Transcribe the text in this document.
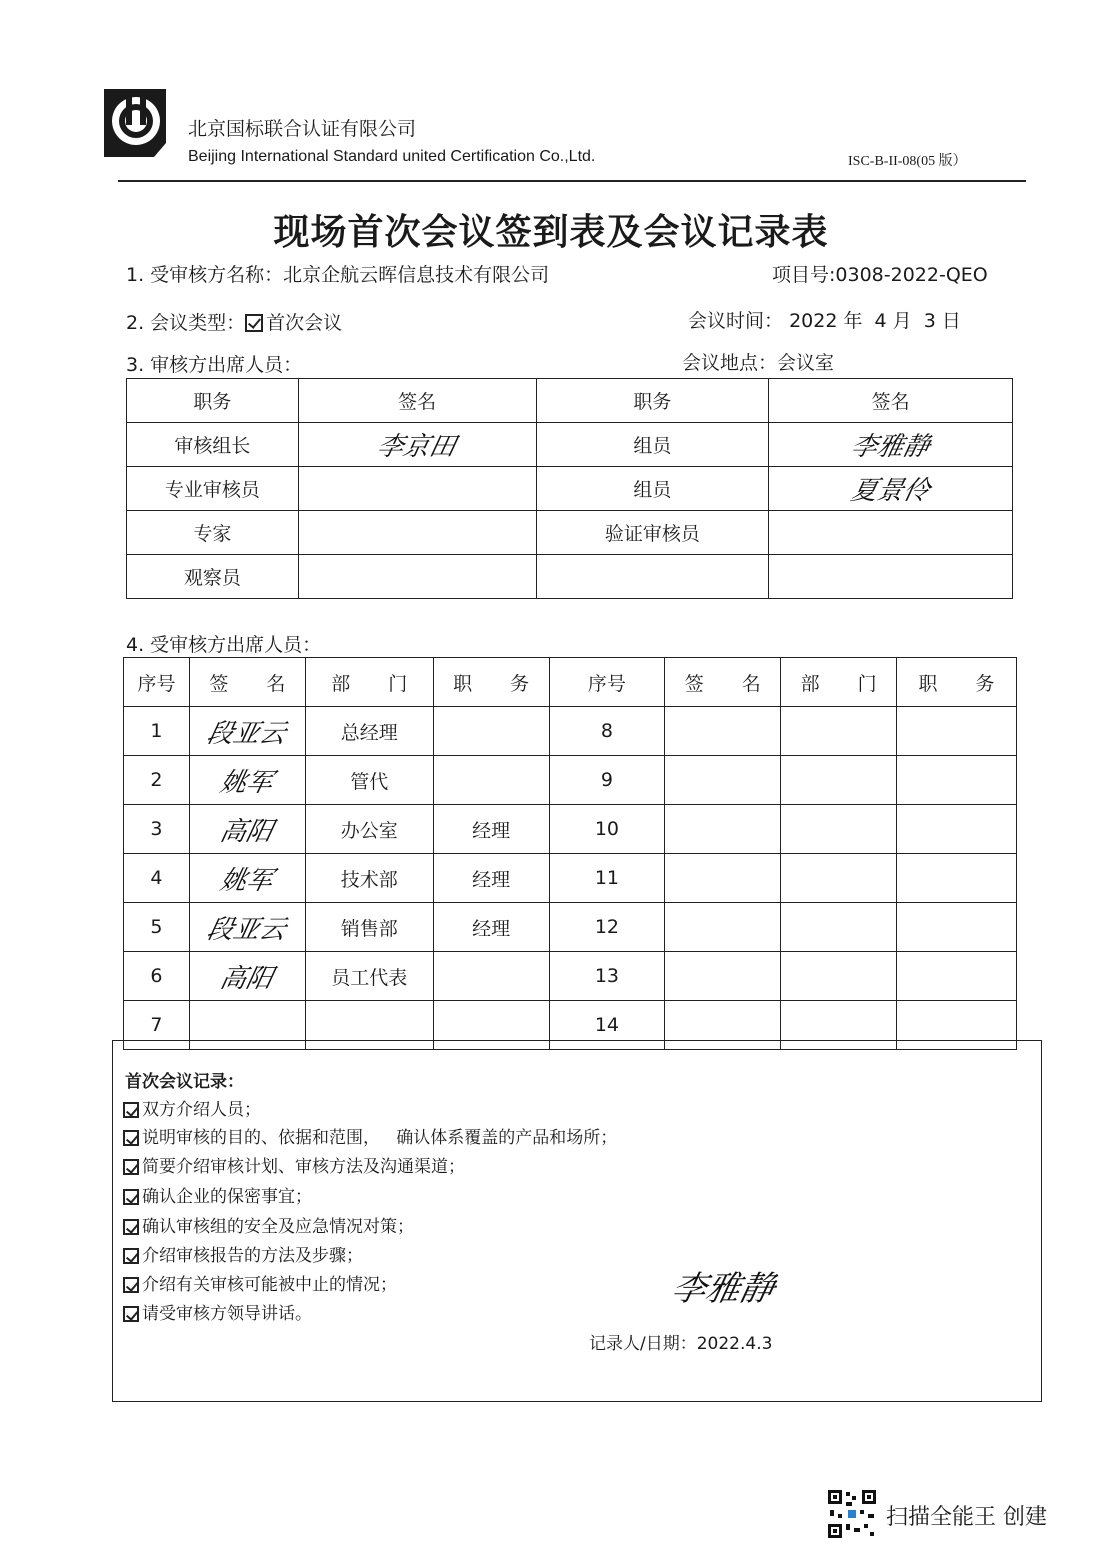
北京国标联合认证有限公司
Beijing International Standard united Certification Co.,Ltd.	ISC-B-II-08(05 版）
现场首次会议签到表及会议记录表
1. 受审核方名称：北京企航云晖信息技术有限公司	项目号:0308-2022-QEO
2. 会议类型： 首次会议	会议时间： 2022 年  4 月  3 日
3. 审核方出席人员：	会议地点：会议室
职务	签名	职务	签名
审核组长	李京田	组员	李雅静
专业审核员		组员	夏景伶
专家		验证审核员	
观察员			
4. 受审核方出席人员：
序号	签　　名	部　　门	职　　务	序号	签　　名	部　　门	职　　务
1	段亚云	总经理		8			
2	姚军	管代		9			
3	高阳	办公室	经理	10			
4	姚军	技术部	经理	11			
5	段亚云	销售部	经理	12			
6	高阳	员工代表		13			
7				14			
首次会议记录：
双方介绍人员；
说明审核的目的、依据和范围，   确认体系覆盖的产品和场所；
简要介绍审核计划、审核方法及沟通渠道；
确认企业的保密事宜；
确认审核组的安全及应急情况对策；
介绍审核报告的方法及步骤；
介绍有关审核可能被中止的情况；
请受审核方领导讲话。
李雅静
记录人/日期：2022.4.3
扫描全能王 创建
